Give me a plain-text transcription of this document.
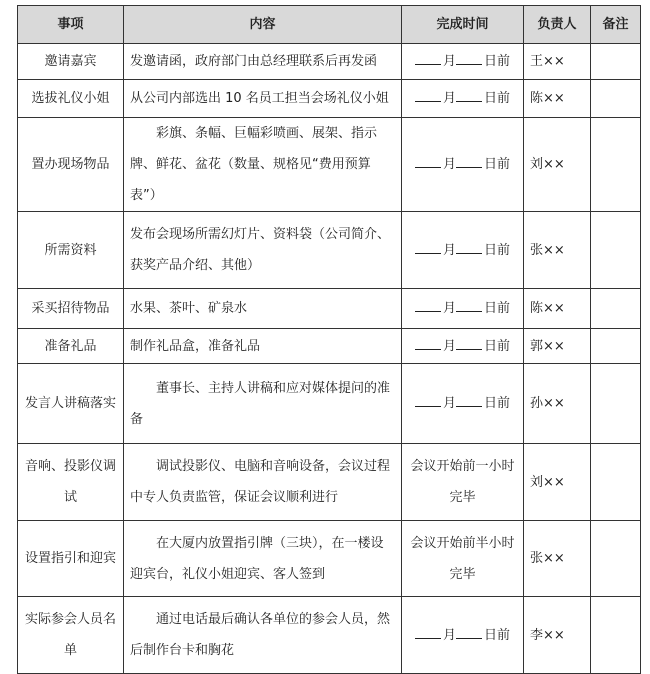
事项	内容	完成时间	负责人	备注
邀请嘉宾	发邀请函，政府部门由总经理联系后再发函	月 日前	王××	
选拔礼仪小姐	从公司内部选出 10 名员工担当会场礼仪小姐	月 日前	陈××	
置办现场物品	彩旗、条幅、巨幅彩喷画、展架、指示牌、鲜花、盆花（数量、规格见“费用预算表”）	月 日前	刘××	
所需资料	发布会现场所需幻灯片、资料袋（公司简介、获奖产品介绍、其他）	月 日前	张××	
采买招待物品	水果、茶叶、矿泉水	月 日前	陈××	
准备礼品	制作礼品盒，准备礼品	月 日前	郭××	
发言人讲稿落实	董事长、主持人讲稿和应对媒体提问的准备	月 日前	孙××	
音响、投影仪调试	调试投影仪、电脑和音响设备，会议过程中专人负责监管，保证会议顺利进行	会议开始前一小时完毕	刘××	
设置指引和迎宾	在大厦内放置指引牌（三块），在一楼设迎宾台，礼仪小姐迎宾、客人签到	会议开始前半小时完毕	张××	
实际参会人员名单	通过电话最后确认各单位的参会人员，然后制作台卡和胸花	月 日前	李××	
